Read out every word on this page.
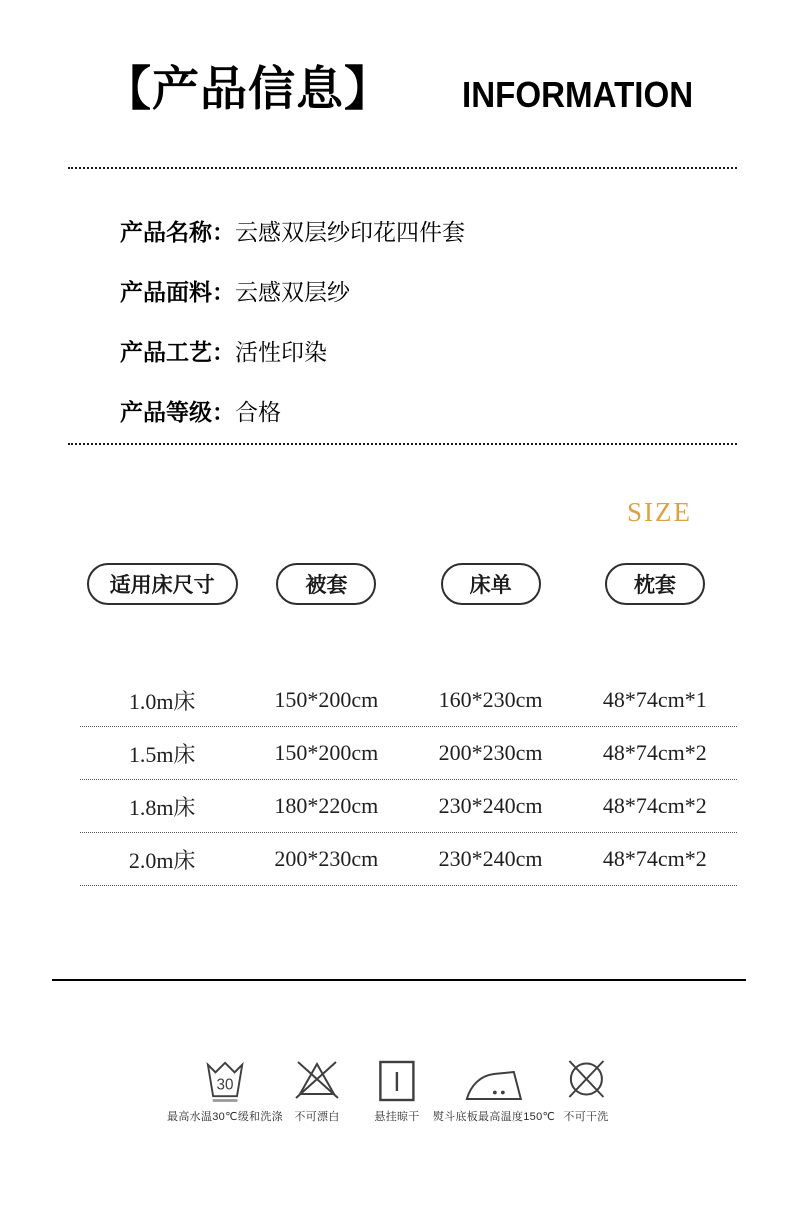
【产品信息】 INFORMATION
产品名称： 云感双层纱印花四件套
产品面料： 云感双层纱
产品工艺： 活性印染
产品等级： 合格
SIZE
适用床尺寸	被套	床单	枕套
1.0m床	150*200cm	160*230cm	48*74cm*1
1.5m床	150*200cm	200*230cm	48*74cm*2
1.8m床	180*220cm	230*240cm	48*74cm*2
2.0m床	200*230cm	230*240cm	48*74cm*2
30
最高水温30℃缓和洗涤 不可漂白	悬挂晾干 熨斗底板最高温度150℃ 不可干洗
